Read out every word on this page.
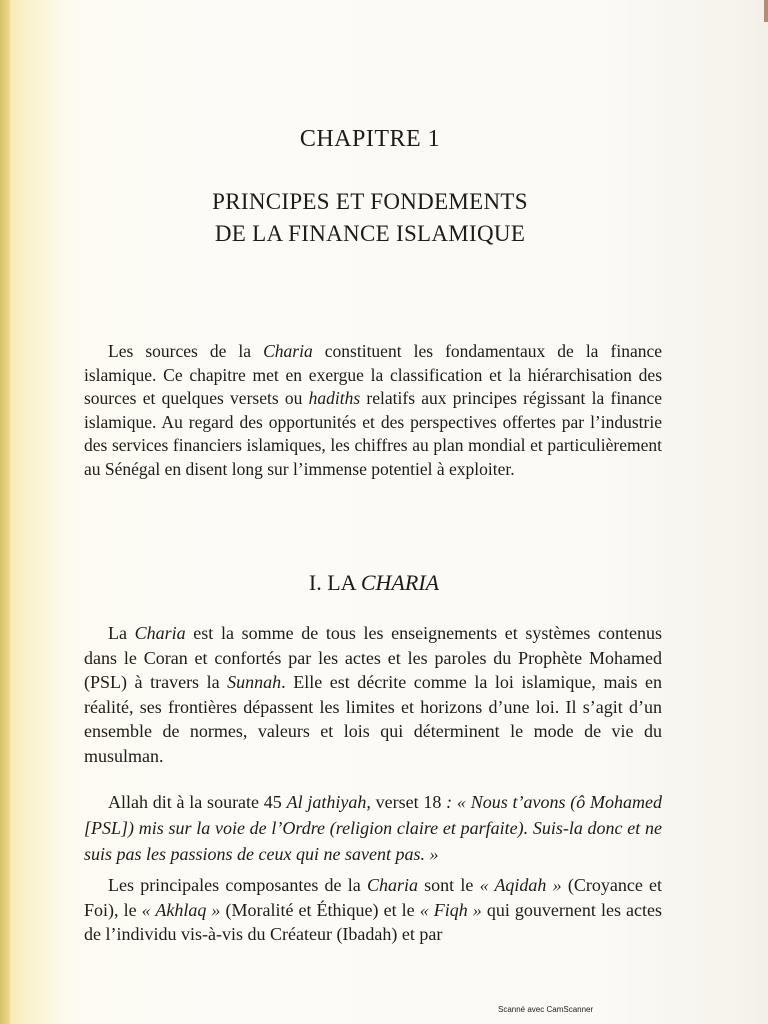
CHAPITRE 1
PRINCIPES ET FONDEMENTS
DE LA FINANCE ISLAMIQUE

Les sources de la Charia constituent les fondamentaux de la finance islamique. Ce chapitre met en exergue la classification et la hiérarchisation des sources et quelques versets ou hadiths relatifs aux principes régissant la finance islamique. Au regard des opportunités et des perspectives offertes par l’industrie des services financiers islamiques, les chiffres au plan mondial et particulièrement au Sénégal en disent long sur l’immense potentiel à exploiter.

I. LA CHARIA

La Charia est la somme de tous les enseignements et systèmes contenus dans le Coran et confortés par les actes et les paroles du Prophète Mohamed (PSL) à travers la Sunnah. Elle est décrite comme la loi islamique, mais en réalité, ses frontières dépassent les limites et horizons d’une loi. Il s’agit d’un ensemble de normes, valeurs et lois qui déterminent le mode de vie du musulman.

Allah dit à la sourate 45 Al jathiyah, verset 18 : « Nous t’avons (ô Mohamed [PSL]) mis sur la voie de l’Ordre (religion claire et parfaite). Suis-la donc et ne suis pas les passions de ceux qui ne savent pas. »

Les principales composantes de la Charia sont le « Aqidah » (Croyance et Foi), le « Akhlaq » (Moralité et Éthique) et le « Fiqh » qui gouvernent les actes de l’individu vis-à-vis du Créateur (Ibadah) et par

Scanné avec CamScanner
